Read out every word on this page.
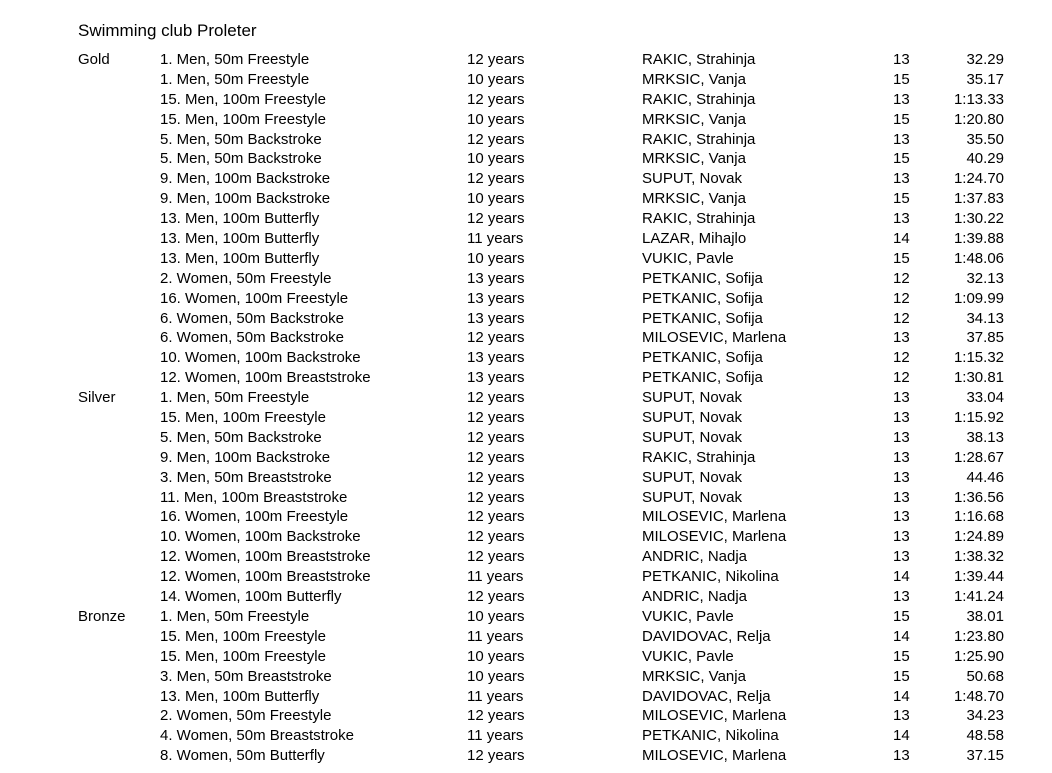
Swimming club Proleter
Gold	1. Men, 50m Freestyle	12 years	RAKIC, Strahinja	13	32.29
1. Men, 50m Freestyle	10 years	MRKSIC, Vanja	15	35.17
15. Men, 100m Freestyle	12 years	RAKIC, Strahinja	13	1:13.33
15. Men, 100m Freestyle	10 years	MRKSIC, Vanja	15	1:20.80
5. Men, 50m Backstroke	12 years	RAKIC, Strahinja	13	35.50
5. Men, 50m Backstroke	10 years	MRKSIC, Vanja	15	40.29
9. Men, 100m Backstroke	12 years	SUPUT, Novak	13	1:24.70
9. Men, 100m Backstroke	10 years	MRKSIC, Vanja	15	1:37.83
13. Men, 100m Butterfly	12 years	RAKIC, Strahinja	13	1:30.22
13. Men, 100m Butterfly	11 years	LAZAR, Mihajlo	14	1:39.88
13. Men, 100m Butterfly	10 years	VUKIC, Pavle	15	1:48.06
2. Women, 50m Freestyle	13 years	PETKANIC, Sofija	12	32.13
16. Women, 100m Freestyle	13 years	PETKANIC, Sofija	12	1:09.99
6. Women, 50m Backstroke	13 years	PETKANIC, Sofija	12	34.13
6. Women, 50m Backstroke	12 years	MILOSEVIC, Marlena	13	37.85
10. Women, 100m Backstroke	13 years	PETKANIC, Sofija	12	1:15.32
12. Women, 100m Breaststroke	13 years	PETKANIC, Sofija	12	1:30.81
Silver	1. Men, 50m Freestyle	12 years	SUPUT, Novak	13	33.04
15. Men, 100m Freestyle	12 years	SUPUT, Novak	13	1:15.92
5. Men, 50m Backstroke	12 years	SUPUT, Novak	13	38.13
9. Men, 100m Backstroke	12 years	RAKIC, Strahinja	13	1:28.67
3. Men, 50m Breaststroke	12 years	SUPUT, Novak	13	44.46
11. Men, 100m Breaststroke	12 years	SUPUT, Novak	13	1:36.56
16. Women, 100m Freestyle	12 years	MILOSEVIC, Marlena	13	1:16.68
10. Women, 100m Backstroke	12 years	MILOSEVIC, Marlena	13	1:24.89
12. Women, 100m Breaststroke	12 years	ANDRIC, Nadja	13	1:38.32
12. Women, 100m Breaststroke	11 years	PETKANIC, Nikolina	14	1:39.44
14. Women, 100m Butterfly	12 years	ANDRIC, Nadja	13	1:41.24
Bronze 1. Men, 50m Freestyle	10 years	VUKIC, Pavle	15	38.01
15. Men, 100m Freestyle	11 years	DAVIDOVAC, Relja	14	1:23.80
15. Men, 100m Freestyle	10 years	VUKIC, Pavle	15	1:25.90
3. Men, 50m Breaststroke	10 years	MRKSIC, Vanja	15	50.68
13. Men, 100m Butterfly	11 years	DAVIDOVAC, Relja	14	1:48.70
2. Women, 50m Freestyle	12 years	MILOSEVIC, Marlena	13	34.23
4. Women, 50m Breaststroke	11 years	PETKANIC, Nikolina	14	48.58
8. Women, 50m Butterfly	12 years	MILOSEVIC, Marlena	13	37.15
